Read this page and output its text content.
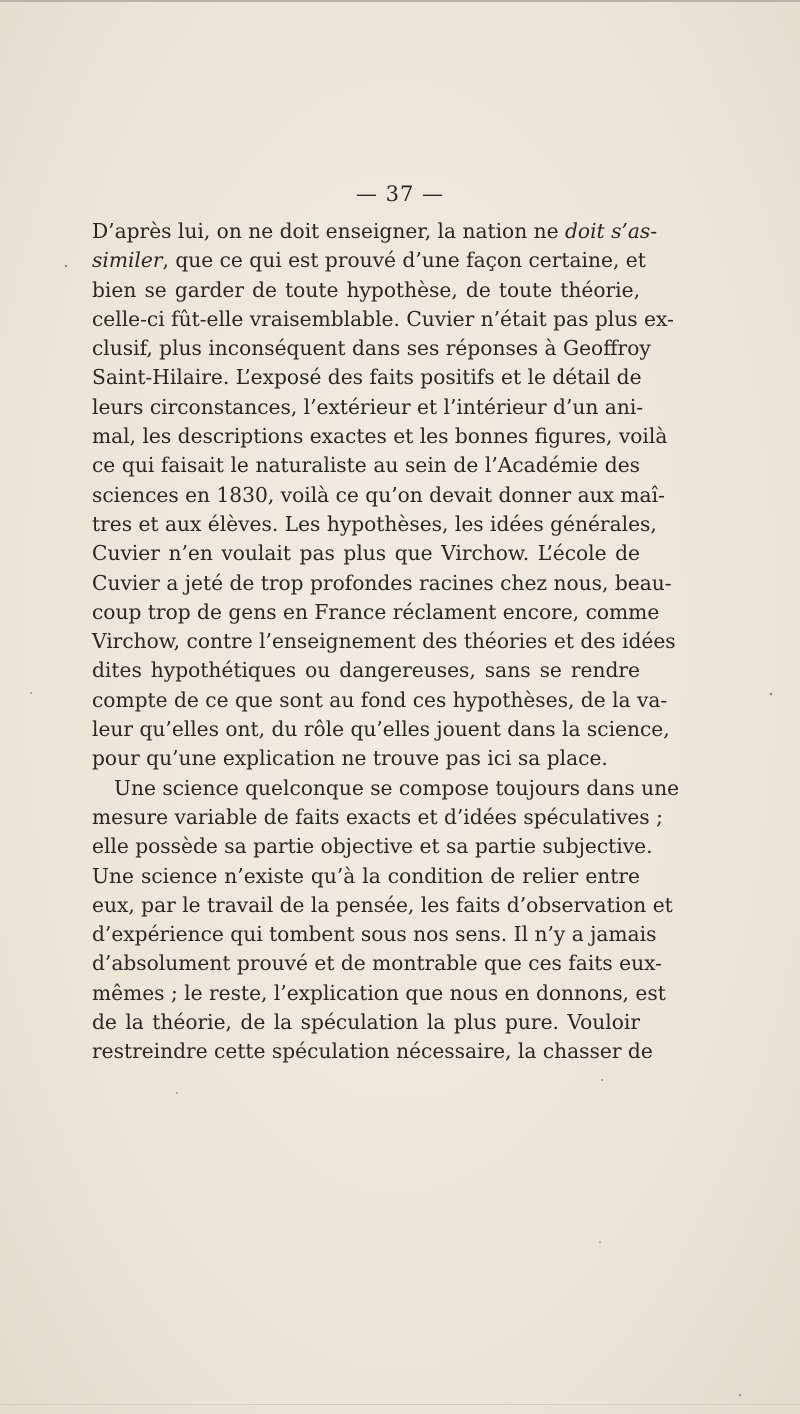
— 37 —
D’après lui, on ne doit enseigner, la nation ne doit s’as-
similer, que ce qui est prouvé d’une façon certaine, et
bien se garder de toute hypothèse, de toute théorie,
celle-ci fût-elle vraisemblable. Cuvier n’était pas plus ex-
clusif, plus inconséquent dans ses réponses à Geoffroy
Saint-Hilaire. L’exposé des faits positifs et le détail de
leurs circonstances, l’extérieur et l’intérieur d’un ani-
mal, les descriptions exactes et les bonnes figures, voilà
ce qui faisait le naturaliste au sein de l’Académie des
sciences en 1830, voilà ce qu’on devait donner aux maî-
tres et aux élèves. Les hypothèses, les idées générales,
Cuvier n’en voulait pas plus que Virchow. L’école de
Cuvier a jeté de trop profondes racines chez nous, beau-
coup trop de gens en France réclament encore, comme
Virchow, contre l’enseignement des théories et des idées
dites hypothétiques ou dangereuses, sans se rendre
compte de ce que sont au fond ces hypothèses, de la va-
leur qu’elles ont, du rôle qu’elles jouent dans la science,
pour qu’une explication ne trouve pas ici sa place.
Une science quelconque se compose toujours dans une
mesure variable de faits exacts et d’idées spéculatives ;
elle possède sa partie objective et sa partie subjective.
Une science n’existe qu’à la condition de relier entre
eux, par le travail de la pensée, les faits d’observation et
d’expérience qui tombent sous nos sens. Il n’y a jamais
d’absolument prouvé et de montrable que ces faits eux-
mêmes ; le reste, l’explication que nous en donnons, est
de la théorie, de la spéculation la plus pure. Vouloir
restreindre cette spéculation nécessaire, la chasser de
